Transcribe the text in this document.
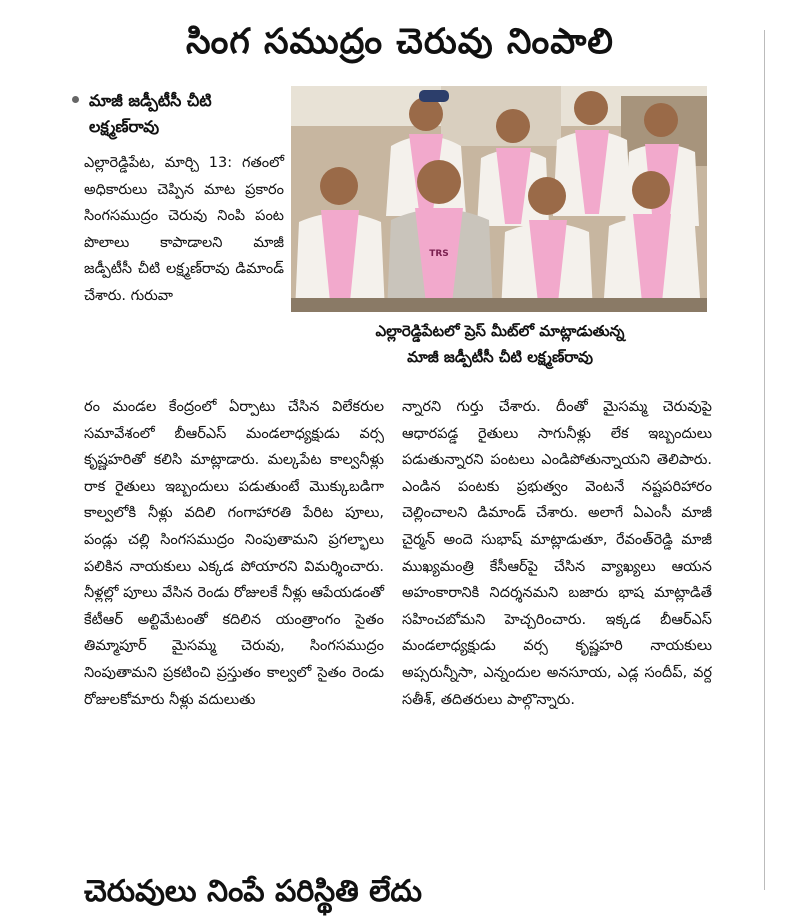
సింగ సముద్రం చెరువు నింపాలి
మాజీ జడ్పీటీసీ చీటి లక్ష్మణ్‌రావు
ఎల్లారెడ్డిపేట, మార్చి 13: గతంలో అధికారులు చెప్పిన మాట ప్రకారం సింగసముద్రం చెరువు నింపి పంట పొలాలు కాపాడాలని మాజీ జడ్పీటీసీ చీటి లక్ష్మణ్‌రావు డిమాండ్ చేశారు. గురువా
TRS
ఎల్లారెడ్డిపేటలో ప్రెస్ మీట్‌లో మాట్లాడుతున్న
మాజీ జడ్పీటీసీ చీటి లక్ష్మణ్‌రావు
రం మండల కేంద్రంలో ఏర్పాటు చేసిన విలేకరుల సమావేశంలో బీఆర్ఎస్ మండలాధ్యక్షుడు వర్స కృష్ణహరితో కలిసి మాట్లాడారు. మల్కపేట కాల్వనీళ్లు రాక రైతులు ఇబ్బందులు పడుతుంటే మొక్కుబడిగా కాల్వలోకి నీళ్లు వదిలి గంగాహారతి పేరిట పూలు, పండ్లు చల్లి సింగసముద్రం నింపుతామని ప్రగల్భాలు పలికిన నాయకులు ఎక్కడ పోయారని విమర్శించారు. నీళ్లల్లో పూలు వేసిన రెండు రోజులకే నీళ్లు ఆపేయడంతో కేటీఆర్ అల్టిమేటంతో కదిలిన యంత్రాంగం సైతం తిమ్మాపూర్ మైసమ్మ చెరువు, సింగసముద్రం నింపుతామని ప్రకటించి ప్రస్తుతం కాల్వలో సైతం రెండు రోజులకోమారు నీళ్లు వదులుతు
న్నారని గుర్తు చేశారు. దీంతో మైసమ్మ చెరువుపై ఆధారపడ్డ రైతులు సాగునీళ్లు లేక ఇబ్బందులు పడుతున్నారని పంటలు ఎండిపోతున్నాయని తెలిపారు. ఎండిన పంటకు ప్రభుత్వం వెంటనే నష్టపరిహారం చెల్లించాలని డిమాండ్ చేశారు. అలాగే ఏఎంసీ మాజీ చైర్మన్ అందె సుభాష్ మాట్లాడుతూ, రేవంత్‌రెడ్డి మాజీ ముఖ్యమంత్రి కేసీఆర్‌పై చేసిన వ్యాఖ్యలు ఆయన అహంకారానికి నిదర్శనమని బజారు భాష మాట్లాడితే సహించబోమని హెచ్చరించారు. ఇక్కడ బీఆర్ఎస్ మండలాధ్యక్షుడు వర్స కృష్ణహరి నాయకులు అప్సరున్నీసా, ఎన్నందుల అనసూయ, ఎడ్ల సందీప్, వర్ద సతీశ్, తదితరులు పాల్గొన్నారు.
చెరువులు నింపే పరిస్థితి లేదు
